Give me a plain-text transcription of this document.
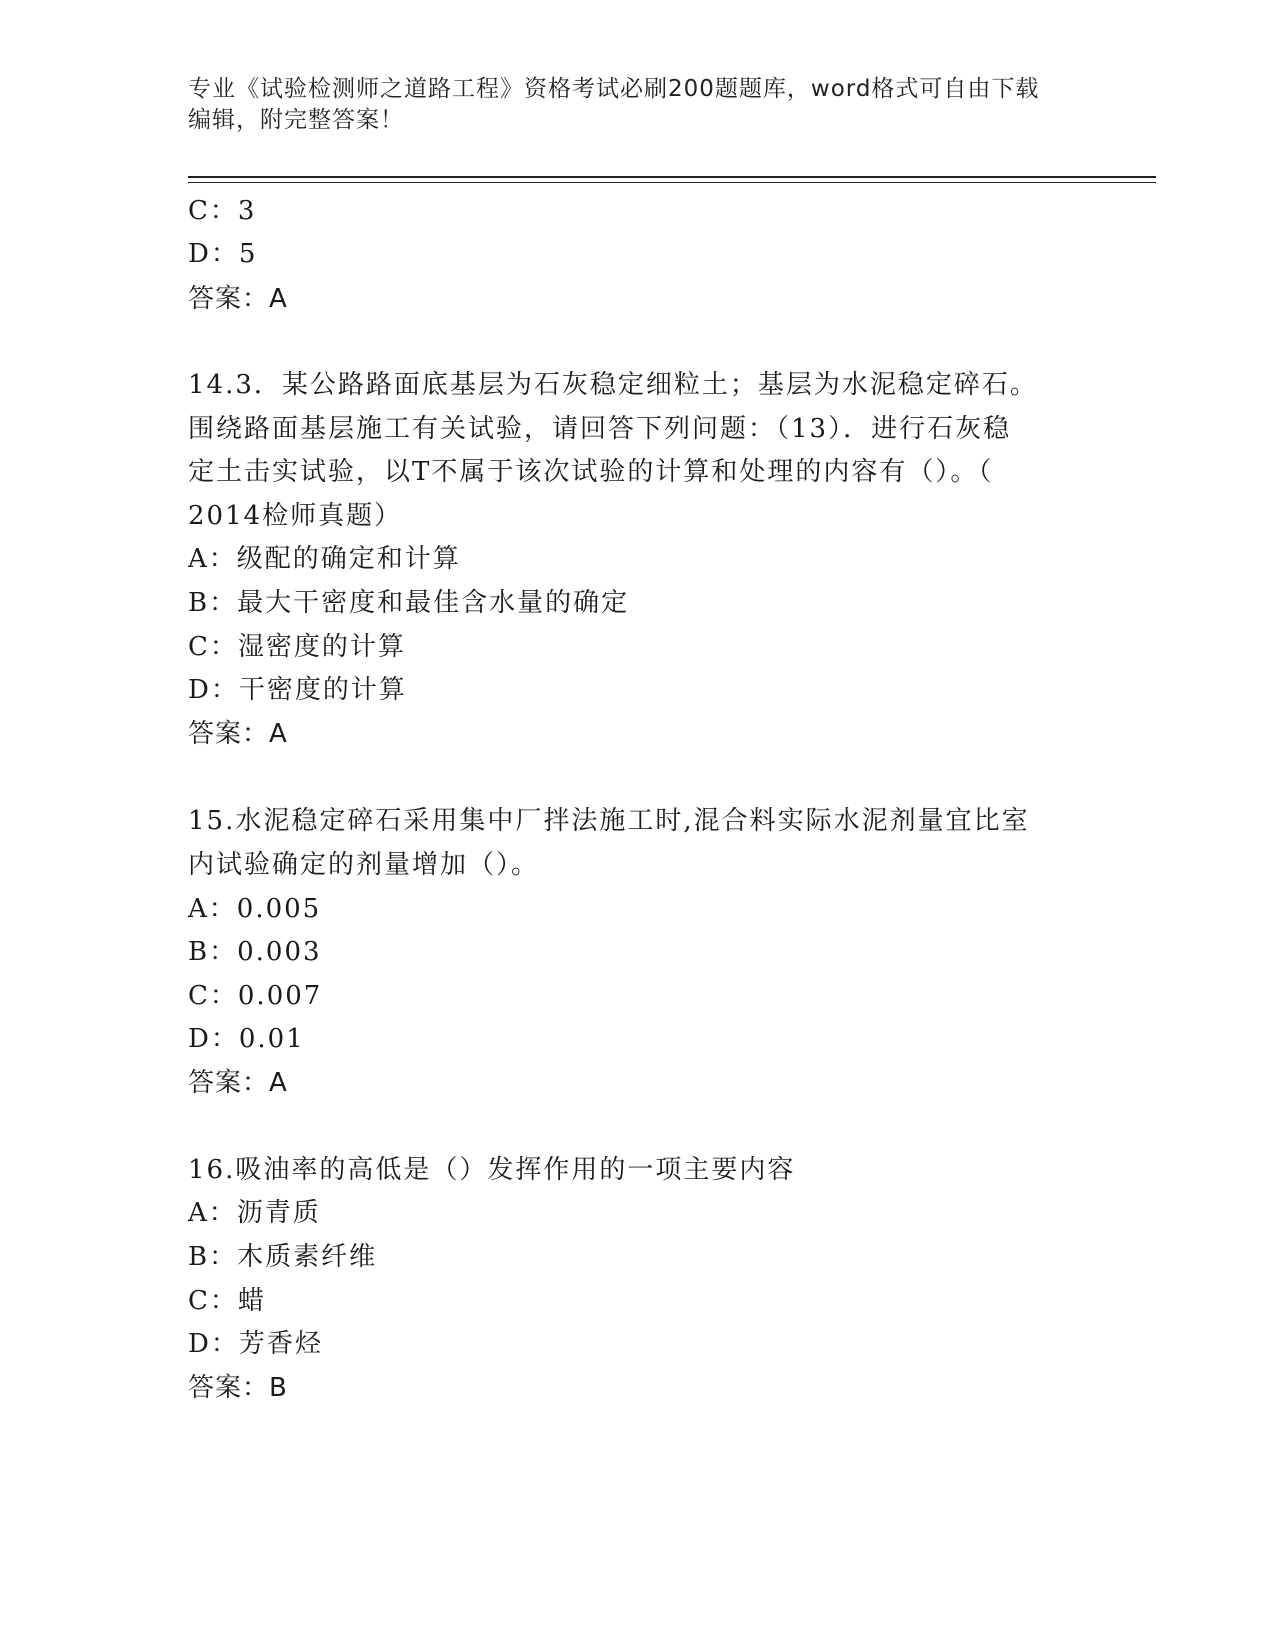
专业《试验检测师之道路工程》资格考试必刷200题题库，word格式可自由下载
编辑，附完整答案！
C：3
D：5
答案：A
14.3．某公路路面底基层为石灰稳定细粒土；基层为水泥稳定碎石。
围绕路面基层施工有关试验，请回答下列问题：（13）．进行石灰稳
定土击实试验，以T不属于该次试验的计算和处理的内容有（）。（
2014检师真题）
A：级配的确定和计算
B：最大干密度和最佳含水量的确定
C：湿密度的计算
D：干密度的计算
答案：A
15.水泥稳定碎石采用集中厂拌法施工时,混合料实际水泥剂量宜比室
内试验确定的剂量增加（）。
A：0.005
B：0.003
C：0.007
D：0.01
答案：A
16.吸油率的高低是（）发挥作用的一项主要内容
A：沥青质
B：木质素纤维
C：蜡
D：芳香烃
答案：B
